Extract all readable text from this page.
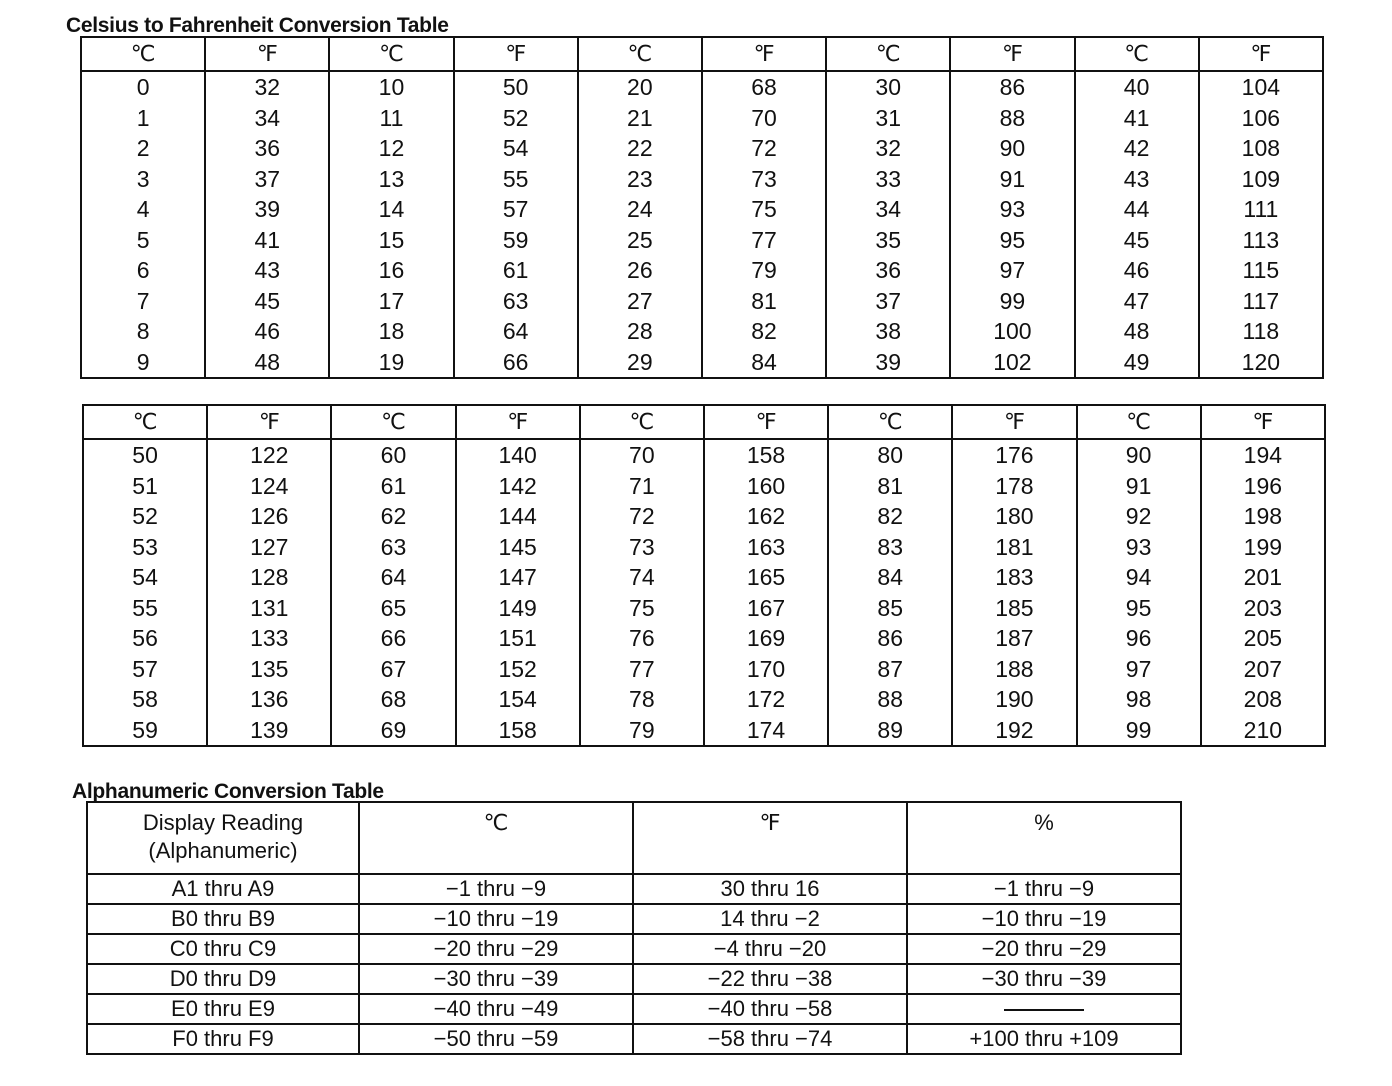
Celsius to Fahrenheit Conversion Table
℃	℉	℃	℉	℃	℉	℃	℉	℃	℉
0	32	10	50	20	68	30	86	40	104
1	34	11	52	21	70	31	88	41	106
2	36	12	54	22	72	32	90	42	108
3	37	13	55	23	73	33	91	43	109
4	39	14	57	24	75	34	93	44	111
5	41	15	59	25	77	35	95	45	113
6	43	16	61	26	79	36	97	46	115
7	45	17	63	27	81	37	99	47	117
8	46	18	64	28	82	38	100	48	118
9	48	19	66	29	84	39	102	49	120
℃	℉	℃	℉	℃	℉	℃	℉	℃	℉
50	122	60	140	70	158	80	176	90	194
51	124	61	142	71	160	81	178	91	196
52	126	62	144	72	162	82	180	92	198
53	127	63	145	73	163	83	181	93	199
54	128	64	147	74	165	84	183	94	201
55	131	65	149	75	167	85	185	95	203
56	133	66	151	76	169	86	187	96	205
57	135	67	152	77	170	87	188	97	207
58	136	68	154	78	172	88	190	98	208
59	139	69	158	79	174	89	192	99	210
Alphanumeric Conversion Table
Display Reading
(Alphanumeric)	℃	℉	%
A1 thru A9	−1 thru −9	30 thru 16	−1 thru −9
B0 thru B9	−10 thru −19	14 thru −2	−10 thru −19
C0 thru C9	−20 thru −29	−4 thru −20	−20 thru −29
D0 thru D9	−30 thru −39	−22 thru −38	−30 thru −39
E0 thru E9	−40 thru −49	−40 thru −58	
F0 thru F9	−50 thru −59	−58 thru −74	+100 thru +109
